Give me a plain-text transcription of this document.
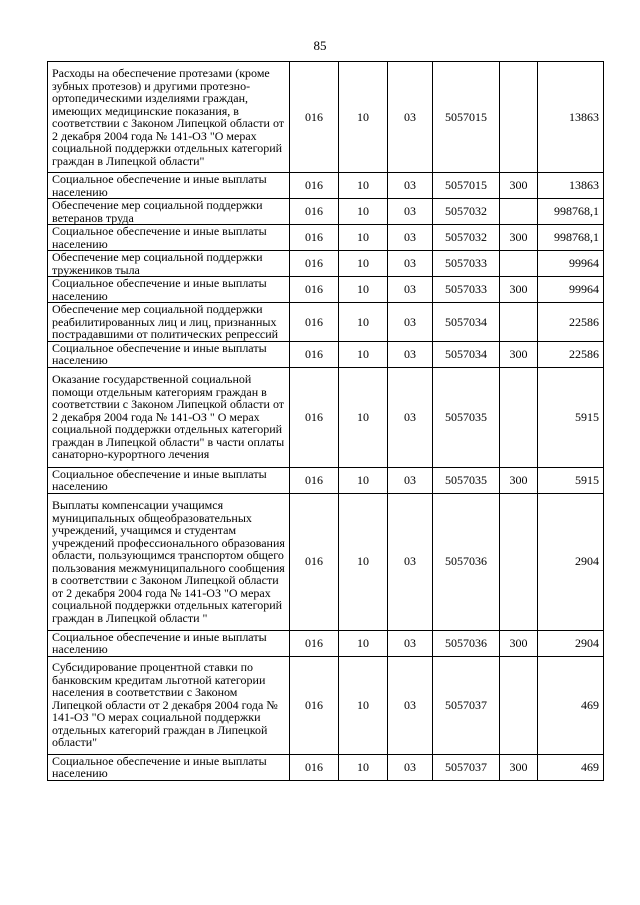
85
Расходы на обеспечение протезами (кроме зубных протезов) и другими протезно-ортопедическими изделиями граждан, имеющих медицинские показания, в соответствии с Законом Липецкой области от 2 декабря 2004 года № 141-ОЗ "О мерах социальной поддержки отдельных категорий граждан в Липецкой области"	016	10	03	5057015		13863
Социальное обеспечение и иные выплаты населению	016	10	03	5057015	300	13863
Обеспечение мер социальной поддержки ветеранов труда	016	10	03	5057032		998768,1
Социальное обеспечение и иные выплаты населению	016	10	03	5057032	300	998768,1
Обеспечение мер социальной поддержки тружеников тыла	016	10	03	5057033		99964
Социальное обеспечение и иные выплаты населению	016	10	03	5057033	300	99964
Обеспечение мер социальной поддержки реабилитированных лиц и лиц, признанных пострадавшими от политических репрессий	016	10	03	5057034		22586
Социальное обеспечение и иные выплаты населению	016	10	03	5057034	300	22586
Оказание государственной социальной помощи отдельным категориям граждан в соответствии с Законом Липецкой области от 2 декабря 2004 года № 141-ОЗ " О мерах социальной поддержки отдельных категорий граждан в Липецкой области" в части оплаты санаторно-курортного лечения	016	10	03	5057035		5915
Социальное обеспечение и иные выплаты населению	016	10	03	5057035	300	5915
Выплаты компенсации учащимся муниципальных общеобразовательных учреждений, учащимся и студентам учреждений профессионального образования области, пользующимся транспортом общего пользования межмуниципального сообщения в соответствии с Законом Липецкой области от 2 декабря 2004 года № 141-ОЗ "О мерах социальной поддержки отдельных категорий граждан в Липецкой области "	016	10	03	5057036		2904
Социальное обеспечение и иные выплаты населению	016	10	03	5057036	300	2904
Субсидирование процентной ставки по банковским кредитам льготной категории населения в соответствии с Законом Липецкой области от 2 декабря 2004 года № 141-ОЗ "О мерах социальной поддержки отдельных категорий граждан в Липецкой области"	016	10	03	5057037		469
Социальное обеспечение и иные выплаты населению	016	10	03	5057037	300	469
